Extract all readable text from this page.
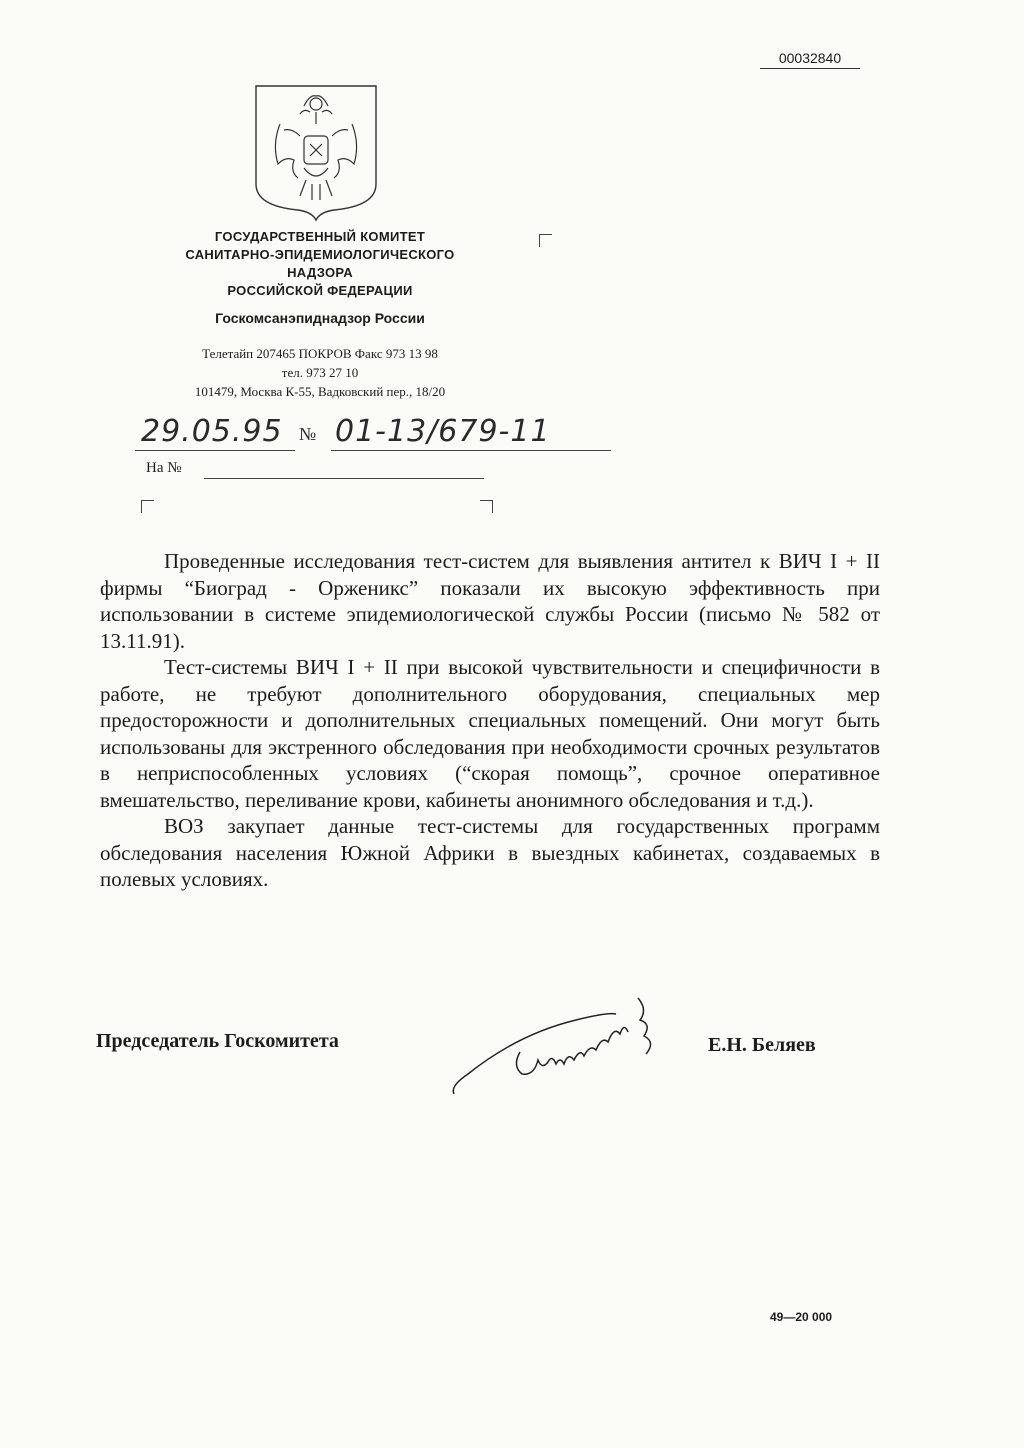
00032840
ГОСУДАРСТВЕННЫЙ КОМИТЕТ
САНИТАРНО-ЭПИДЕМИОЛОГИЧЕСКОГО
НАДЗОРА
РОССИЙСКОЙ ФЕДЕРАЦИИ
Госкомсанэпиднадзор России
Телетайп 207465 ПОКРОВ Факс 973 13 98
тел. 973 27 10
101479, Москва К-55, Вадковский пер., 18/20
29.05.95 № 01-13/679-11
На №

Проведенные исследования тест-систем для выявления антител к ВИЧ I + II фирмы “Биоград - Орженикс” показали их высокую эффективность при использовании в системе эпидемиологической службы России (письмо № 582 от 13.11.91).

Тест-системы ВИЧ I + II при высокой чувствительности и специфичности в работе, не требуют дополнительного оборудования, специальных мер предосторожности и дополнительных специальных помещений. Они могут быть использованы для экстренного обследования при необходимости срочных результатов в неприспособленных условиях (“скорая помощь”, срочное оперативное вмешательство, переливание крови, кабинеты анонимного обследования и т.д.).

ВОЗ закупает данные тест-системы для государственных программ обследования населения Южной Африки в выездных кабинетах, создаваемых в полевых условиях.

Председатель Госкомитета	Е.Н. Беляев
49—20 000
